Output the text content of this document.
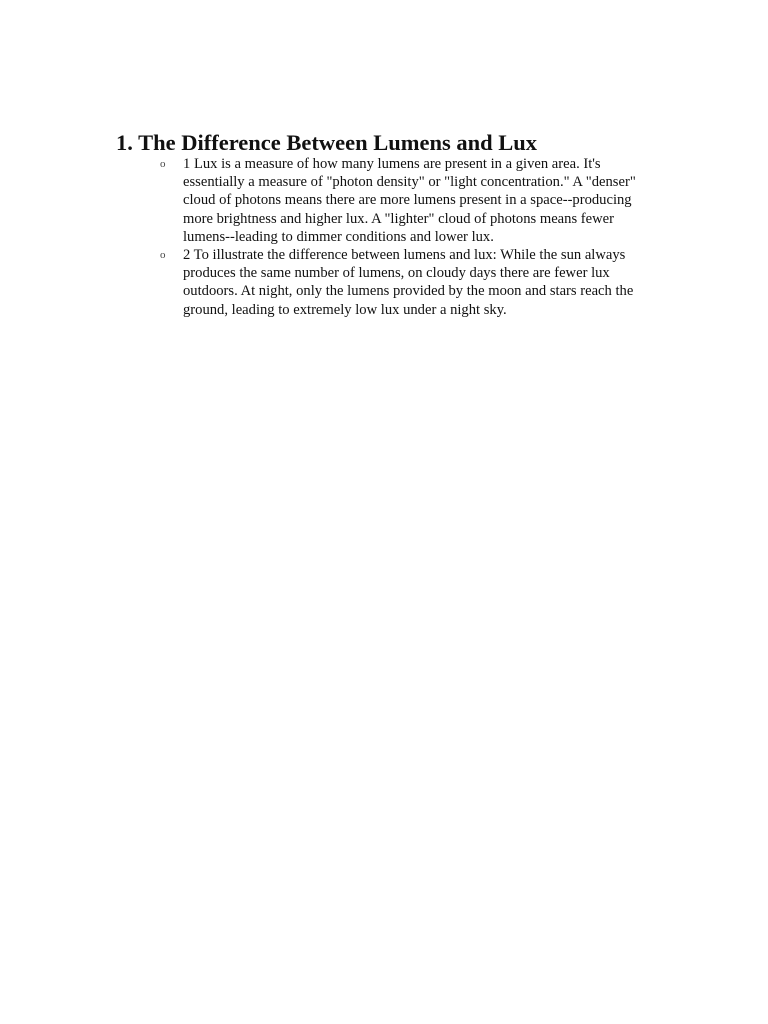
1. The Difference Between Lumens and Lux
o 1 Lux is a measure of how many lumens are present in a given area. It's
essentially a measure of "photon density" or "light concentration." A "denser"
cloud of photons means there are more lumens present in a space--producing
more brightness and higher lux. A "lighter" cloud of photons means fewer
lumens--leading to dimmer conditions and lower lux.
o 2 To illustrate the difference between lumens and lux: While the sun always
produces the same number of lumens, on cloudy days there are fewer lux
outdoors. At night, only the lumens provided by the moon and stars reach the
ground, leading to extremely low lux under a night sky.
